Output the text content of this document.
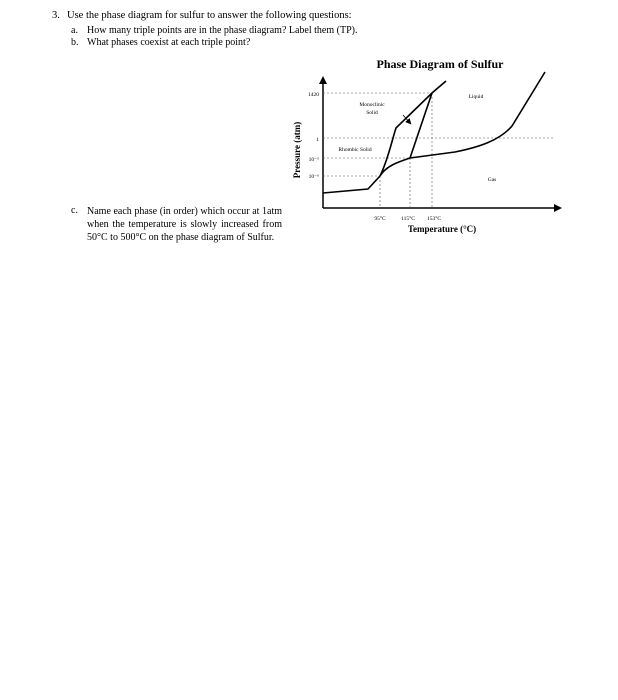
3. Use the phase diagram for sulfur to answer the following questions:
a. How many triple points are in the phase diagram? Label them (TP).
b. What phases coexist at each triple point?
c. Name each phase (in order) which occur at 1atm when the temperature is slowly increased from 50°C to 500°C on the phase diagram of Sulfur.
Phase Diagram of Sulfur
Pressure (atm)
1420
1
10⁻⁵
10⁻⁶
95°C	115°C 153°C
Temperature (°C)
Monoclinic
Solid
Rhombic Solid
Liquid
Gas
